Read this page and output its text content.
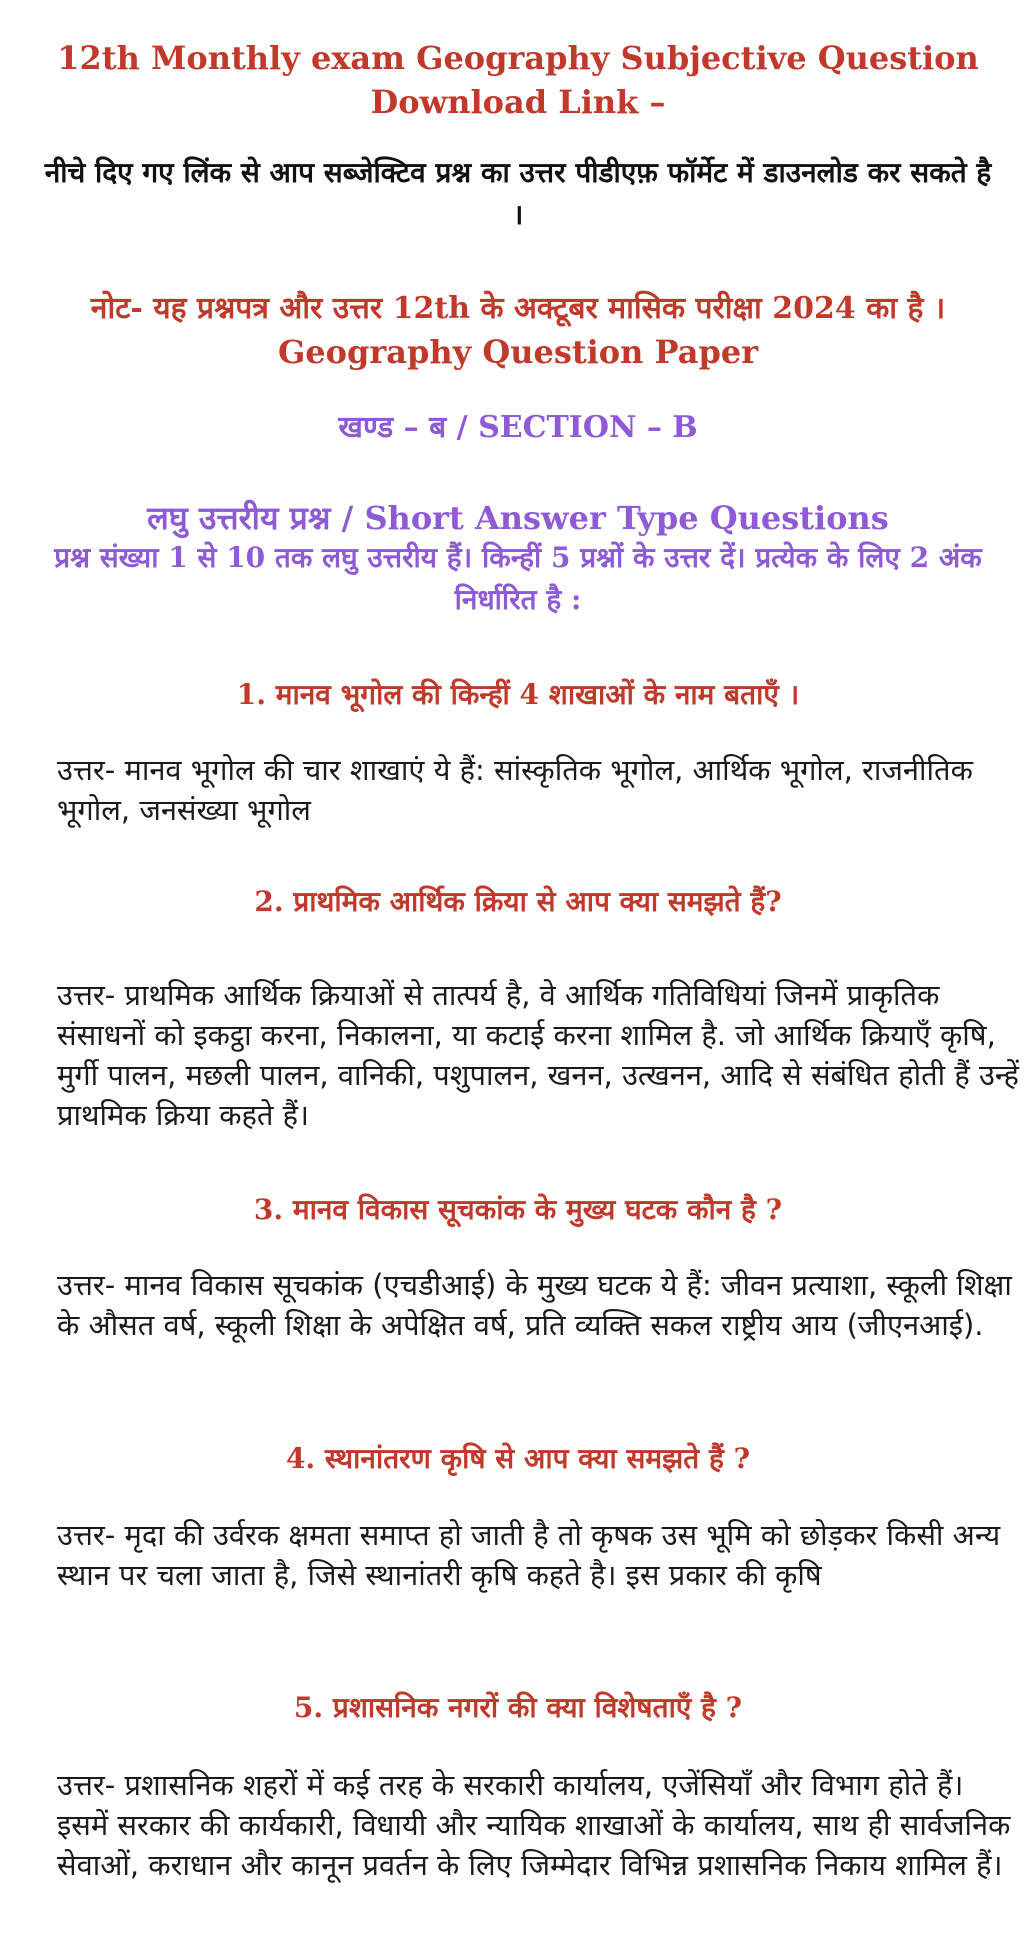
12th Monthly exam Geography Subjective Question Download Link –
नीचे दिए गए लिंक से आप सब्जेक्टिव प्रश्न का उत्तर पीडीएफ़ फॉर्मेट में डाउनलोड कर सकते है ।
नोट- यह प्रश्नपत्र और उत्तर 12th के अक्टूबर मासिक परीक्षा 2024 का है ।
Geography Question Paper
खण्ड – ब / SECTION – B
लघु उत्तरीय प्रश्न / Short Answer Type Questions
प्रश्न संख्या 1 से 10 तक लघु उत्तरीय हैं। किन्हीं 5 प्रश्नों के उत्तर दें। प्रत्येक के लिए 2 अंक निर्धारित है :
1. मानव भूगोल की किन्हीं 4 शाखाओं के नाम बताएँ ।
उत्तर- मानव भूगोल की चार शाखाएं ये हैं: सांस्कृतिक भूगोल, आर्थिक भूगोल, राजनीतिक भूगोल, जनसंख्या भूगोल
2. प्राथमिक आर्थिक क्रिया से आप क्या समझते हैं?
उत्तर- प्राथमिक आर्थिक क्रियाओं से तात्पर्य है, वे आर्थिक गतिविधियां जिनमें प्राकृतिक संसाधनों को इकट्ठा करना, निकालना, या कटाई करना शामिल है. जो आर्थिक क्रियाएँ कृषि, मुर्गी पालन, मछली पालन, वानिकी, पशुपालन, खनन, उत्खनन, आदि से संबंधित होती हैं उन्हें प्राथमिक क्रिया कहते हैं।
3. मानव विकास सूचकांक के मुख्य घटक कौन है ?
उत्तर- मानव विकास सूचकांक (एचडीआई) के मुख्य घटक ये हैं: जीवन प्रत्याशा, स्कूली शिक्षा के औसत वर्ष, स्कूली शिक्षा के अपेक्षित वर्ष, प्रति व्यक्ति सकल राष्ट्रीय आय (जीएनआई).
4. स्थानांतरण कृषि से आप क्या समझते हैं ?
उत्तर- मृदा की उर्वरक क्षमता समाप्त हो जाती है तो कृषक उस भूमि को छोड़कर किसी अन्य स्थान पर चला जाता है, जिसे स्थानांतरी कृषि कहते है। इस प्रकार की कृषि
5. प्रशासनिक नगरों की क्या विशेषताएँ है ?
उत्तर- प्रशासनिक शहरों में कई तरह के सरकारी कार्यालय, एजेंसियाँ और विभाग होते हैं। इसमें सरकार की कार्यकारी, विधायी और न्यायिक शाखाओं के कार्यालय, साथ ही सार्वजनिक सेवाओं, कराधान और कानून प्रवर्तन के लिए जिम्मेदार विभिन्न प्रशासनिक निकाय शामिल हैं।
